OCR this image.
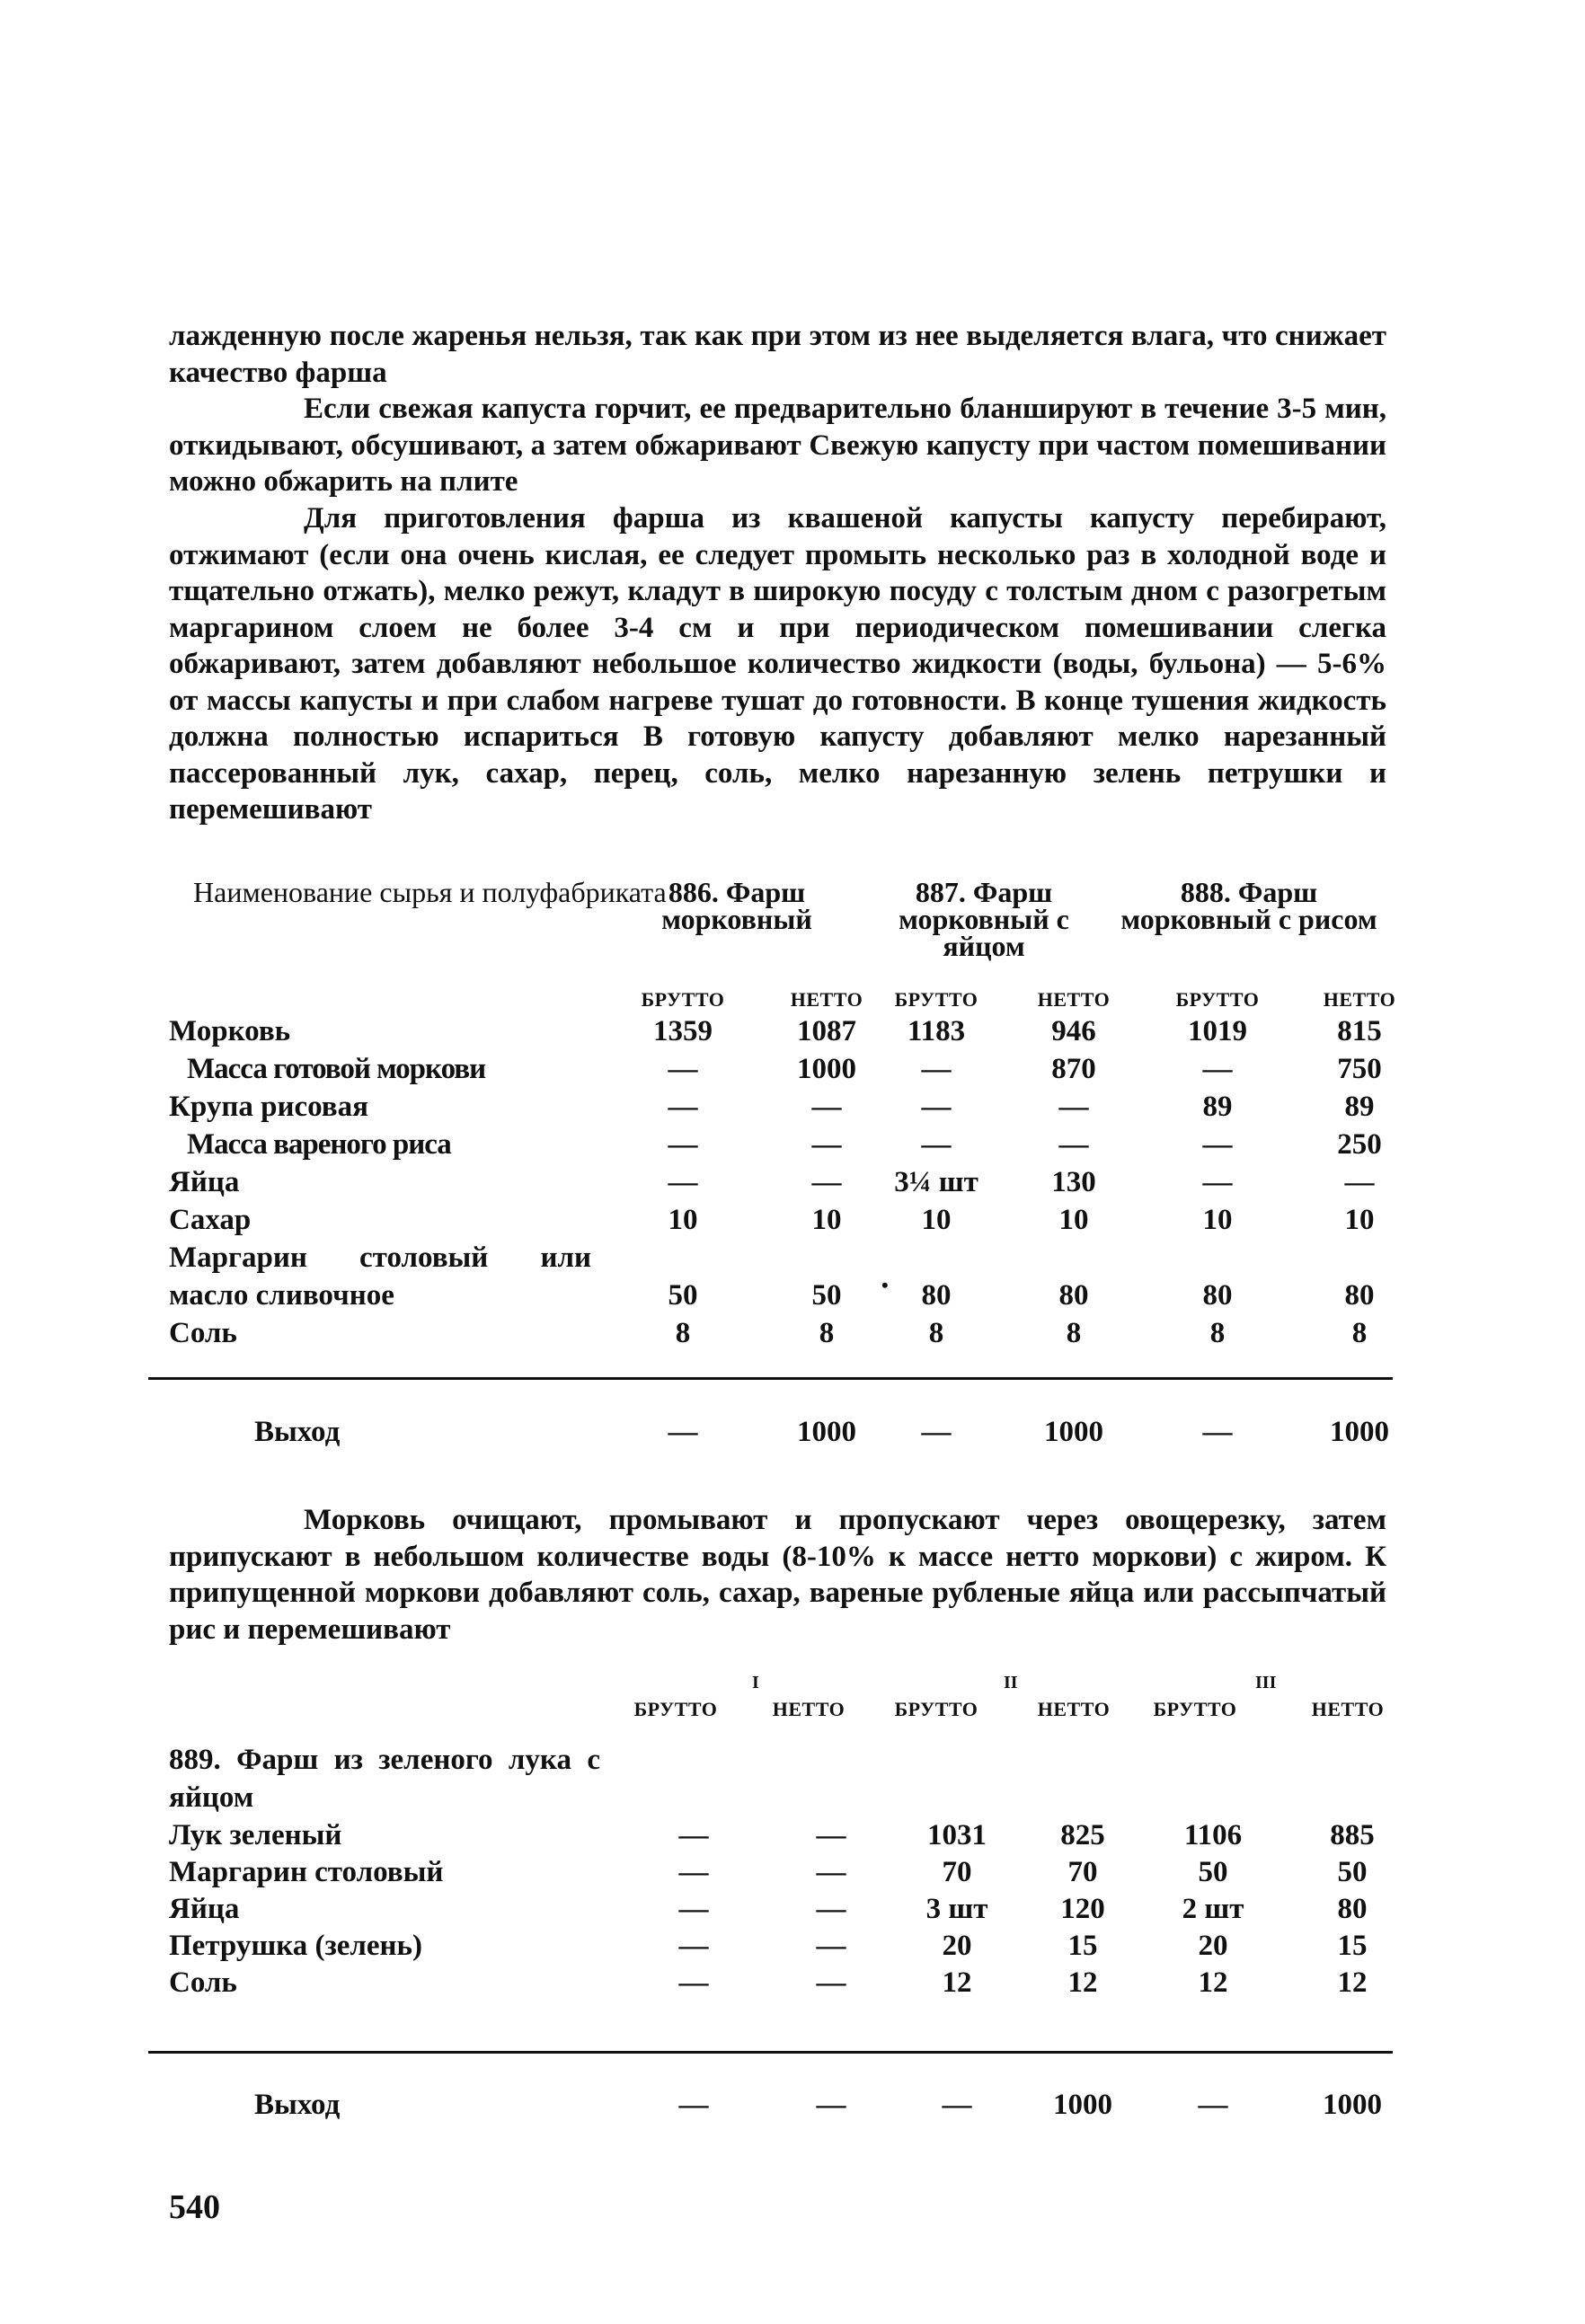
лажденную после жаренья нельзя, так как при этом из нее выделяется влага, что снижает качество фарша

Если свежая капуста горчит, ее предварительно бланшируют в течение 3-5 мин, откидывают, обсушивают, а затем обжаривают Свежую капусту при частом помешивании можно обжарить на плите

Для приготовления фарша из квашеной капусты капусту перебирают, отжимают (если она очень кислая, ее следует промыть несколько раз в холодной воде и тщательно отжать), мелко режут, кладут в широкую посуду с толстым дном с разогретым маргарином слоем не более 3-4 см и при периодическом помешивании слегка обжаривают, затем добавляют небольшое количество жидкости (воды, бульона) — 5-6% от массы капусты и при слабом нагреве тушат до готовности. В конце тушения жидкость должна полностью испариться В готовую капусту добавляют мелко нарезанный пассерованный лук, сахар, перец, соль, мелко нарезанную зелень петрушки и перемешивают

Наименование сырья и полуфабриката 886. Фарш морковный
887. Фарш морковный с яйцом
888. Фарш морковный с рисом
БРУТТО	НЕТТО	БРУТТО	НЕТТО	БРУТТО	НЕТТО
Морковь	1359	1087	1183	946	1019	815
Масса готовой моркови	—	1000	—	870	—	750
Крупа рисовая	—	—	—	—	89	89
Масса вареного риса	—	—	—	—	—	250
Яйца	—	—	3¼ шт	130	—	—
Сахар	10	10	10	10	10	10
Маргарин столовый или
масло сливочное	50	50	80	80	80	80
Соль	8	8	8	8	8	8
•
Выход	—	1000	—	1000	—	1000

Морковь очищают, промывают и пропускают через овощерезку, затем припускают в небольшом количестве воды (8-10% к массе нетто моркови) с жиром. К припущенной моркови добавляют соль, сахар, вареные рубленые яйца или рассыпчатый рис и перемешивают

I	II	III
БРУТТО	НЕТТО	БРУТТО	НЕТТО	БРУТТО	НЕТТО
889. Фарш из зеленого лука с яйцом
Лук зеленый	—	—	1031	825	1106	885
Маргарин столовый	—	—	70	70	50	50
Яйца	—	—	3 шт	120	2 шт	80
Петрушка (зелень)	—	—	20	15	20	15
Соль	—	—	12	12	12	12
Выход	—	—	—	1000	—	1000
540
